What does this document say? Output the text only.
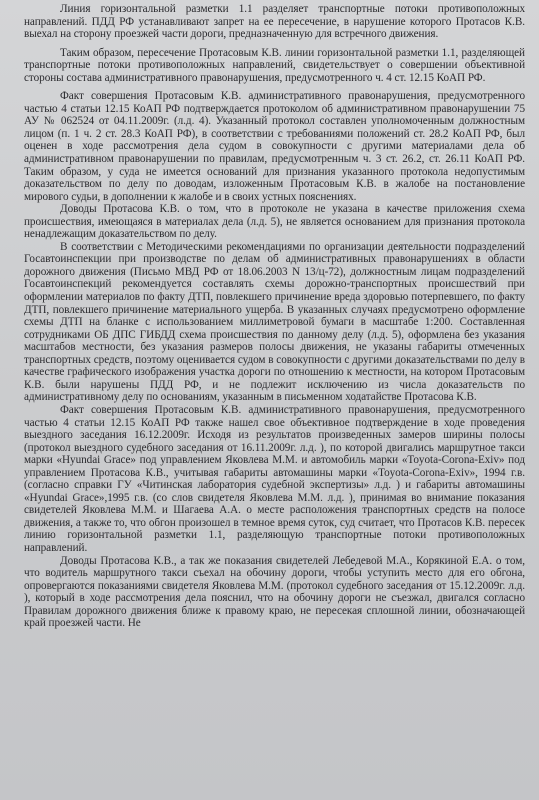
Линия горизонтальной разметки 1.1 разделяет транспортные потоки противоположных направлений. ПДД РФ устанавливают запрет на ее пересечение, в нарушение которого Протасов К.В. выехал на сторону проезжей части дороги, предназначенную для встречного движения.

Таким образом, пересечение Протасовым К.В. линии горизонтальной разметки 1.1, разделяющей транспортные потоки противоположных направлений, свидетельствует о совершении объективной стороны состава административного правонарушения, предусмотренного ч. 4 ст. 12.15 КоАП РФ.

Факт совершения Протасовым К.В. административного правонарушения, предусмотренного частью 4 статьи 12.15 КоАП РФ подтверждается протоколом об административном правонарушении 75 АУ № 062524 от 04.11.2009г. (л.д. 4). Указанный протокол составлен уполномоченным должностным лицом (п. 1 ч. 2 ст. 28.3 КоАП РФ), в соответствии с требованиями положений ст. 28.2 КоАП РФ, был оценен в ходе рассмотрения дела судом в совокупности с другими материалами дела об административном правонарушении по правилам, предусмотренным ч. 3 ст. 26.2, ст. 26.11 КоАП РФ. Таким образом, у суда не имеется оснований для признания указанного протокола недопустимым доказательством по делу по доводам, изложенным Протасовым К.В. в жалобе на постановление мирового судьи, в дополнении к жалобе и в своих устных пояснениях.

Доводы Протасова К.В. о том, что в протоколе не указана в качестве приложения схема происшествия, имеющаяся в материалах дела (л.д. 5), не является основанием для признания протокола ненадлежащим доказательством по делу.

В соответствии с Методическими рекомендациями по организации деятельности подразделений Госавтоинспекции при производстве по делам об административных правонарушениях в области дорожного движения (Письмо МВД РФ от 18.06.2003 N 13/ц-72), должностным лицам подразделений Госавтоинспекций рекомендуется составлять схемы дорожно-транспортных происшествий при оформлении материалов по факту ДТП, повлекшего причинение вреда здоровью потерпевшего, по факту ДТП, повлекшего причинение материального ущерба. В указанных случаях предусмотрено оформление схемы ДТП на бланке с использованием миллиметровой бумаги в масштабе 1:200. Составленная сотрудниками ОБ ДПС ГИБДД схема происшествия по данному делу (л.д. 5), оформлена без указания масштабов местности, без указания размеров полосы движения, не указаны габариты отмеченных транспортных средств, поэтому оценивается судом в совокупности с другими доказательствами по делу в качестве графического изображения участка дороги по отношению к местности, на котором Протасовым К.В. были нарушены ПДД РФ, и не подлежит исключению из числа доказательств по административному делу по основаниям, указанным в письменном ходатайстве Протасова К.В.

Факт совершения Протасовым К.В. административного правонарушения, предусмотренного частью 4 статьи 12.15 КоАП РФ также нашел свое объективное подтверждение в ходе проведения выездного заседания 16.12.2009г. Исходя из результатов произведенных замеров ширины полосы (протокол выездного судебного заседания от 16.11.2009г. л.д. ), по которой двигались маршрутное такси марки «Hyundai Grace» под управлением Яковлева М.М. и автомобиль марки «Toyota-Corona-Exiv» под управлением Протасова К.В., учитывая габариты автомашины марки «Toyota-Corona-Exiv», 1994 г.в. (согласно справки ГУ «Читинская лаборатория судебной экспертизы» л.д. ) и габариты автомашины «Hyundai Grace»,1995 г.в. (со слов свидетеля Яковлева М.М. л.д. ), принимая во внимание показания свидетелей Яковлева М.М. и Шагаева А.А. о месте расположения транспортных средств на полосе движения, а также то, что обгон произошел в темное время суток, суд считает, что Протасов К.В. пересек линию горизонтальной разметки 1.1, разделяющую транспортные потоки противоположных направлений.

Доводы Протасова К.В., а так же показания свидетелей Лебедевой М.А., Корякиной Е.А. о том, что водитель маршрутного такси съехал на обочину дороги, чтобы уступить место для его обгона, опровергаются показаниями свидетеля Яковлева М.М. (протокол судебного заседания от 15.12.2009г. л.д. ), который в ходе рассмотрения дела пояснил, что на обочину дороги не съезжал, двигался согласно Правилам дорожного движения ближе к правому краю, не пересекая сплошной линии, обозначающей край проезжей части. Не
